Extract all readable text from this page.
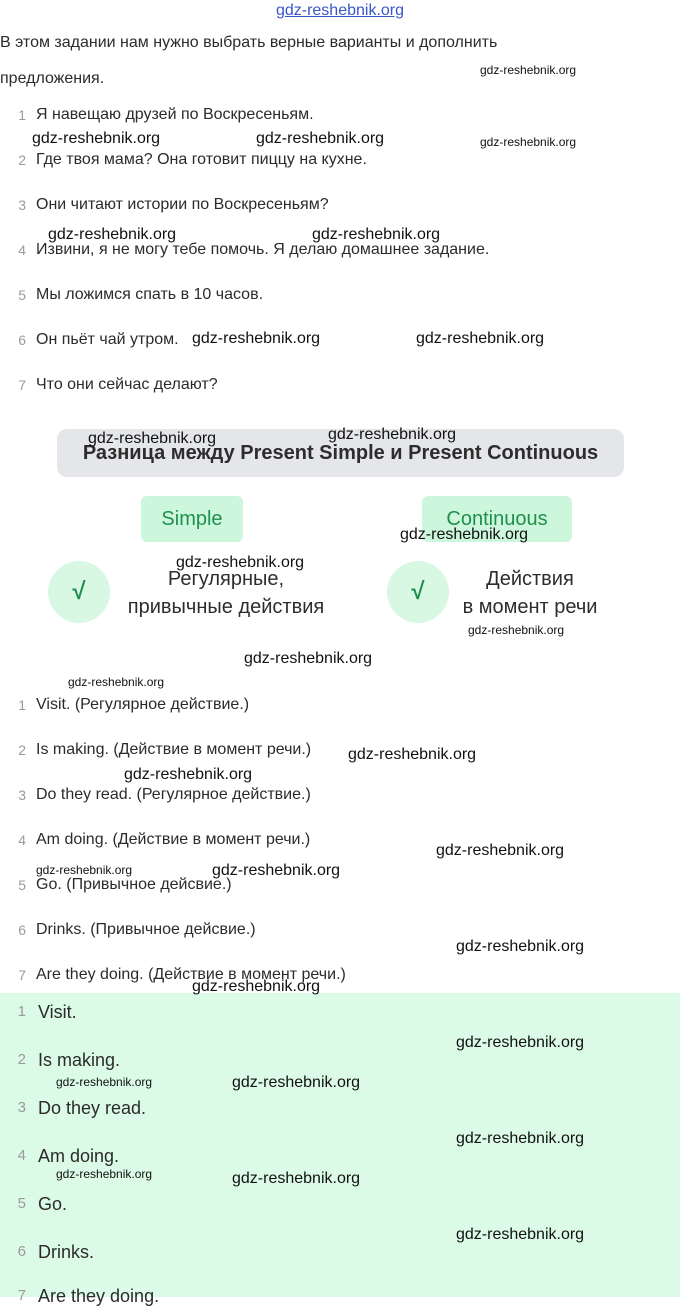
gdz-reshebnik.org
В этом задании нам нужно выбрать верные варианты и дополнить
предложения.
1 Я навещаю друзей по Воскресеньям.
2 Где твоя мама? Она готовит пиццу на кухне.
3 Они читают истории по Воскресеньям?
4 Извини, я не могу тебе помочь. Я делаю домашнее задание.
5 Мы ложимся спать в 10 часов.
6 Он пьёт чай утром.
7 Что они сейчас делают?
Разница между Present Simple и Present Continuous
Simple	Continuous
√	Регулярные,
привычные действия
√	Действия
в момент речи
1 Visit. (Регулярное действие.)
2 Is making. (Действие в момент речи.)
3 Do they read. (Регулярное действие.)
4 Am doing. (Действие в момент речи.)
5 Go. (Привычное дейсвие.)
6 Drinks. (Привычное дейсвие.)
7 Are they doing. (Действие в момент речи.)
1 Visit.
2 Is making.
3 Do they read.
4 Am doing.
5 Go.
6 Drinks.
7 Are they doing.
gdz-reshebnik.org
gdz-reshebnik.org	gdz-reshebnik.org	gdz-reshebnik.org
gdz-reshebnik.org	gdz-reshebnik.org
gdz-reshebnik.org	gdz-reshebnik.org
gdz-reshebnik.org	gdz-reshebnik.org
gdz-reshebnik.org
gdz-reshebnik.org
gdz-reshebnik.org
gdz-reshebnik.org
gdz-reshebnik.org
gdz-reshebnik.org
gdz-reshebnik.org
gdz-reshebnik.org
gdz-reshebnik.org	gdz-reshebnik.org
gdz-reshebnik.org
gdz-reshebnik.org
gdz-reshebnik.org
gdz-reshebnik.org	gdz-reshebnik.org
gdz-reshebnik.org
gdz-reshebnik.org	gdz-reshebnik.org
gdz-reshebnik.org
